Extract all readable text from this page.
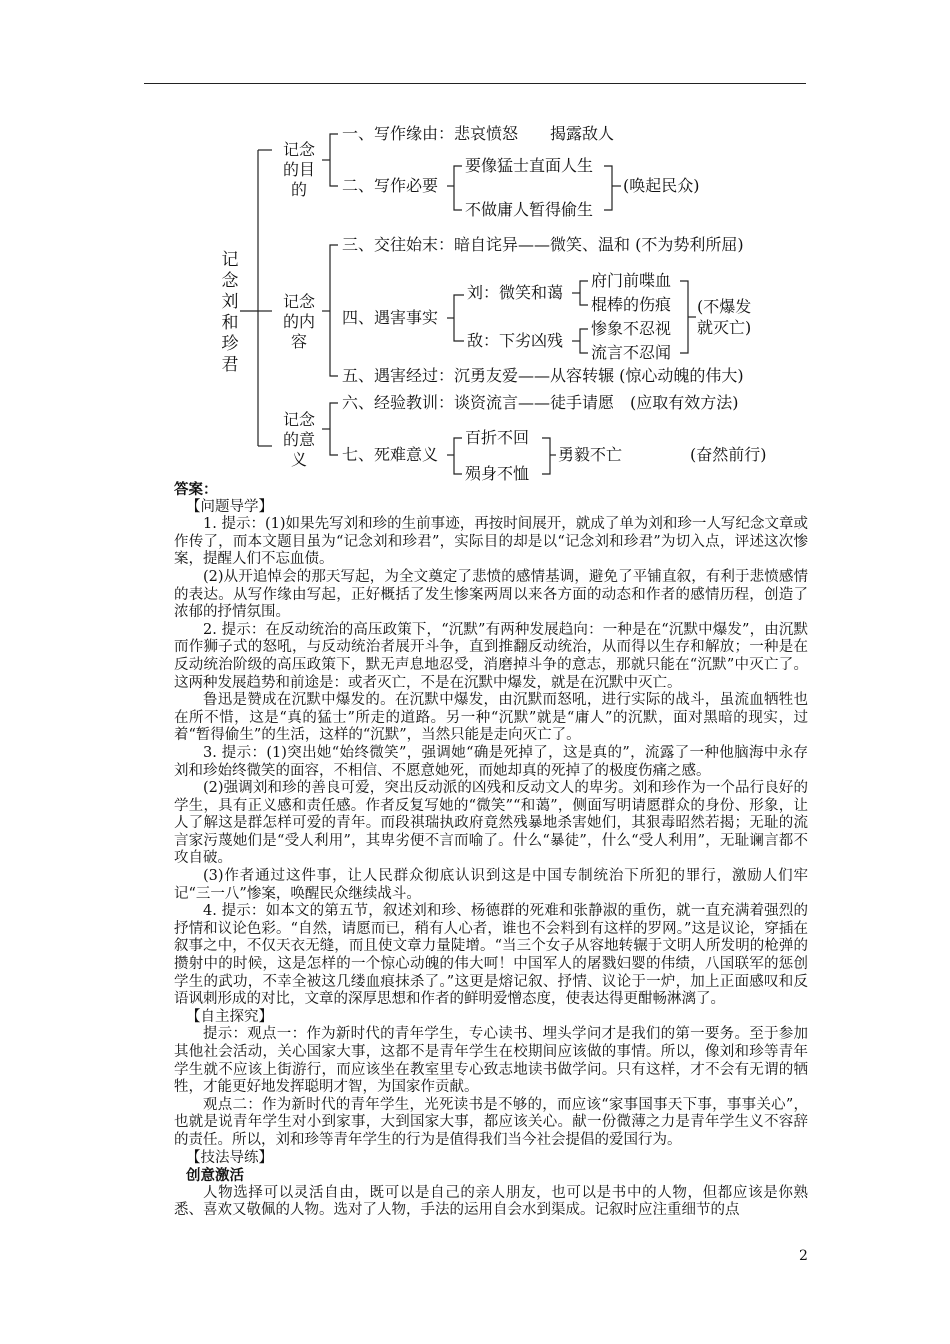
记念刘和珍君
记念的目的
记念的内容
记念的意义
一、写作缘由：悲哀愤怒　　揭露敌人
二、写作必要
三、交往始末：暗自诧异——微笑、温和 (不为势利所屈)
四、遇害事实
五、遇害经过：沉勇友爱——从容转辗 (惊心动魄的伟大)
六、经验教训：谈资流言——徒手请愿　(应取有效方法)
七、死难意义
要像猛士直面人生
不做庸人暂得偷生
(唤起民众)
刘：微笑和蔼
敌：下劣凶残
府门前喋血
棍棒的伤痕
惨象不忍视
流言不忍闻
(不爆发就灭亡)
百折不回
殒身不恤
勇毅不亡	(奋然前行)

答案：

【问题导学】

1. 提示：(1)如果先写刘和珍的生前事迹，再按时间展开，就成了单为刘和珍一人写纪念文章或作传了，而本文题目虽为“记念刘和珍君”，实际目的却是以“记念刘和珍君”为切入点，评述这次惨案，提醒人们不忘血债。

(2)从开追悼会的那天写起，为全文奠定了悲愤的感情基调，避免了平铺直叙，有利于悲愤感情的表达。从写作缘由写起，正好概括了发生惨案两周以来各方面的动态和作者的感情历程，创造了浓郁的抒情氛围。

2. 提示：在反动统治的高压政策下，“沉默”有两种发展趋向：一种是在“沉默中爆发”，由沉默而作狮子式的怒吼，与反动统治者展开斗争，直到推翻反动统治，从而得以生存和解放；一种是在反动统治阶级的高压政策下，默无声息地忍受，消磨掉斗争的意志，那就只能在“沉默”中灭亡了。这两种发展趋势和前途是：或者灭亡，不是在沉默中爆发，就是在沉默中灭亡。

鲁迅是赞成在沉默中爆发的。在沉默中爆发，由沉默而怒吼，进行实际的战斗，虽流血牺牲也在所不惜，这是“真的猛士”所走的道路。另一种“沉默”就是“庸人”的沉默，面对黑暗的现实，过着“暂得偷生”的生活，这样的“沉默”，当然只能是走向灭亡了。

3. 提示：(1)突出她“始终微笑”，强调她“确是死掉了，这是真的”，流露了一种他脑海中永存刘和珍始终微笑的面容，不相信、不愿意她死，而她却真的死掉了的极度伤痛之感。

(2)强调刘和珍的善良可爱，突出反动派的凶残和反动文人的卑劣。刘和珍作为一个品行良好的学生，具有正义感和责任感。作者反复写她的“微笑”“和蔼”，侧面写明请愿群众的身份、形象，让人了解这是群怎样可爱的青年。而段祺瑞执政府竟然残暴地杀害她们，其狠毒昭然若揭；无耻的流言家污蔑她们是“受人利用”，其卑劣便不言而喻了。什么“暴徒”，什么“受人利用”，无耻谰言都不攻自破。

(3)作者通过这件事，让人民群众彻底认识到这是中国专制统治下所犯的罪行，激励人们牢记“三一八”惨案，唤醒民众继续战斗。

4. 提示：如本文的第五节，叙述刘和珍、杨德群的死难和张静淑的重伤，就一直充满着强烈的抒情和议论色彩。“自然，请愿而已，稍有人心者，谁也不会料到有这样的罗网。”这是议论，穿插在叙事之中，不仅天衣无缝，而且使文章力量陡增。“当三个女子从容地转辗于文明人所发明的枪弹的攒射中的时候，这是怎样的一个惊心动魄的伟大呵！中国军人的屠戮妇婴的伟绩，八国联军的惩创学生的武功，不幸全被这几缕血痕抹杀了。”这更是熔记叙、抒情、议论于一炉，加上正面感叹和反语讽刺形成的对比，文章的深厚思想和作者的鲜明爱憎态度，使表达得更酣畅淋漓了。

【自主探究】

提示：观点一：作为新时代的青年学生，专心读书、埋头学问才是我们的第一要务。至于参加其他社会活动，关心国家大事，这都不是青年学生在校期间应该做的事情。所以，像刘和珍等青年学生就不应该上街游行，而应该坐在教室里专心致志地读书做学问。只有这样，才不会有无谓的牺牲，才能更好地发挥聪明才智，为国家作贡献。

观点二：作为新时代的青年学生，光死读书是不够的，而应该“家事国事天下事，事事关心”，也就是说青年学生对小到家事，大到国家大事，都应该关心。献一份微薄之力是青年学生义不容辞的责任。所以，刘和珍等青年学生的行为是值得我们当今社会提倡的爱国行为。

【技法导练】

创意激活

人物选择可以灵活自由，既可以是自己的亲人朋友，也可以是书中的人物，但都应该是你熟悉、喜欢又敬佩的人物。选对了人物，手法的运用自会水到渠成。记叙时应注重细节的点

2
